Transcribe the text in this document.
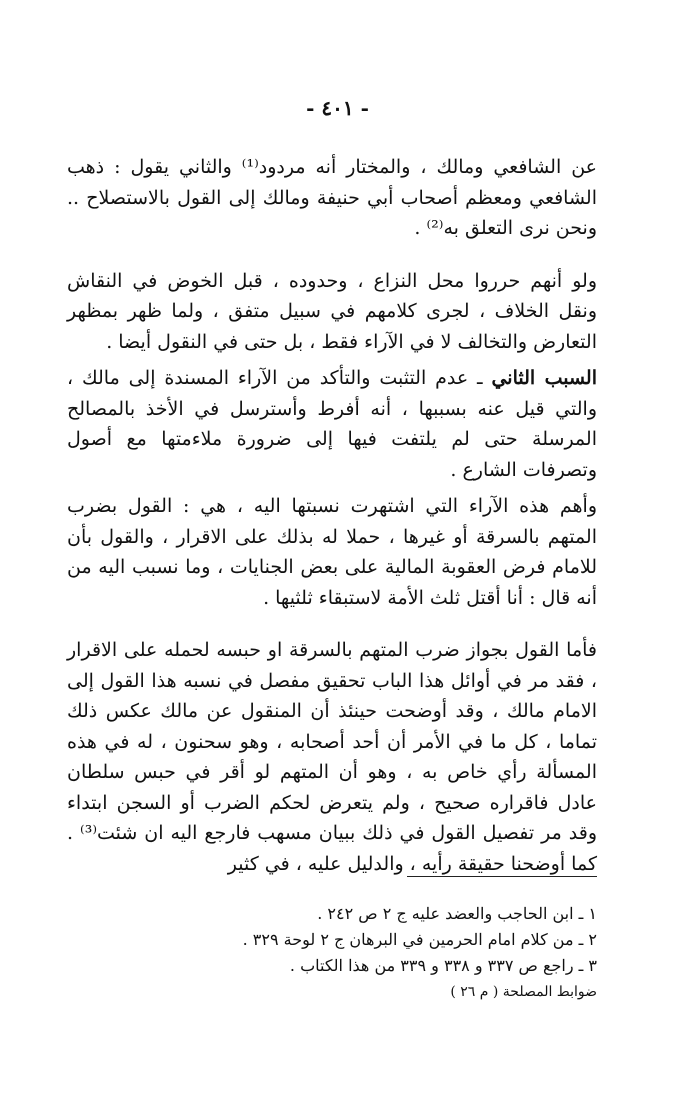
- ٤٠١ -

عن الشافعي ومالك ، والمختار أنه مردود⁽¹⁾ والثاني يقول : ذهب الشافعي ومعظم أصحاب أبي حنيفة ومالك إلى القول بالاستصلاح .. ونحن نرى التعلق به⁽²⁾ .

ولو أنهم حرروا محل النزاع ، وحدوده ، قبل الخوض في النقاش ونقل الخلاف ، لجرى كلامهم في سبيل متفق ، ولما ظهر بمظهر التعارض والتخالف لا في الآراء فقط ، بل حتى في النقول أيضا .

السبب الثاني ـ عدم التثبت والتأكد من الآراء المسندة إلى مالك ، والتي قيل عنه بسببها ، أنه أفرط وأسترسل في الأخذ بالمصالح المرسلة حتى لم يلتفت فيها إلى ضرورة ملاءمتها مع أصول وتصرفات الشارع .

وأهم هذه الآراء التي اشتهرت نسبتها اليه ، هي : القول بضرب المتهم بالسرقة أو غيرها ، حملا له بذلك على الاقرار ، والقول بأن للامام فرض العقوبة المالية على بعض الجنايات ، وما نسبب اليه من أنه قال : أنا أقتل ثلث الأمة لاستبقاء ثلثيها .

فأما القول بجواز ضرب المتهم بالسرقة او حبسه لحمله على الاقرار ، فقد مر في أوائل هذا الباب تحقيق مفصل في نسبه هذا القول إلى الامام مالك ، وقد أوضحت حينئذ أن المنقول عن مالك عكس ذلك تماما ، كل ما في الأمر أن أحد أصحابه ، وهو سحنون ، له في هذه المسألة رأي خاص به ، وهو أن المتهم لو أقر في حبس سلطان عادل فاقراره صحيح ، ولم يتعرض لحكم الضرب أو السجن ابتداء وقد مر تفصيل القول في ذلك ببيان مسهب فارجع اليه ان شئت⁽³⁾ . كما أوضحنا حقيقة رأيه ، والدليل عليه ، في كثير

١ ـ ابن الحاجب والعضد عليه ج ٢ ص ٢٤٢ .

٢ ـ من كلام امام الحرمين في البرهان ج ٢ لوحة ٣٢٩ .

٣ ـ راجع ص ٣٣٧ و ٣٣٨ و ٣٣٩ من هذا الكتاب .

ضوابط المصلحة ( م ٢٦ )
